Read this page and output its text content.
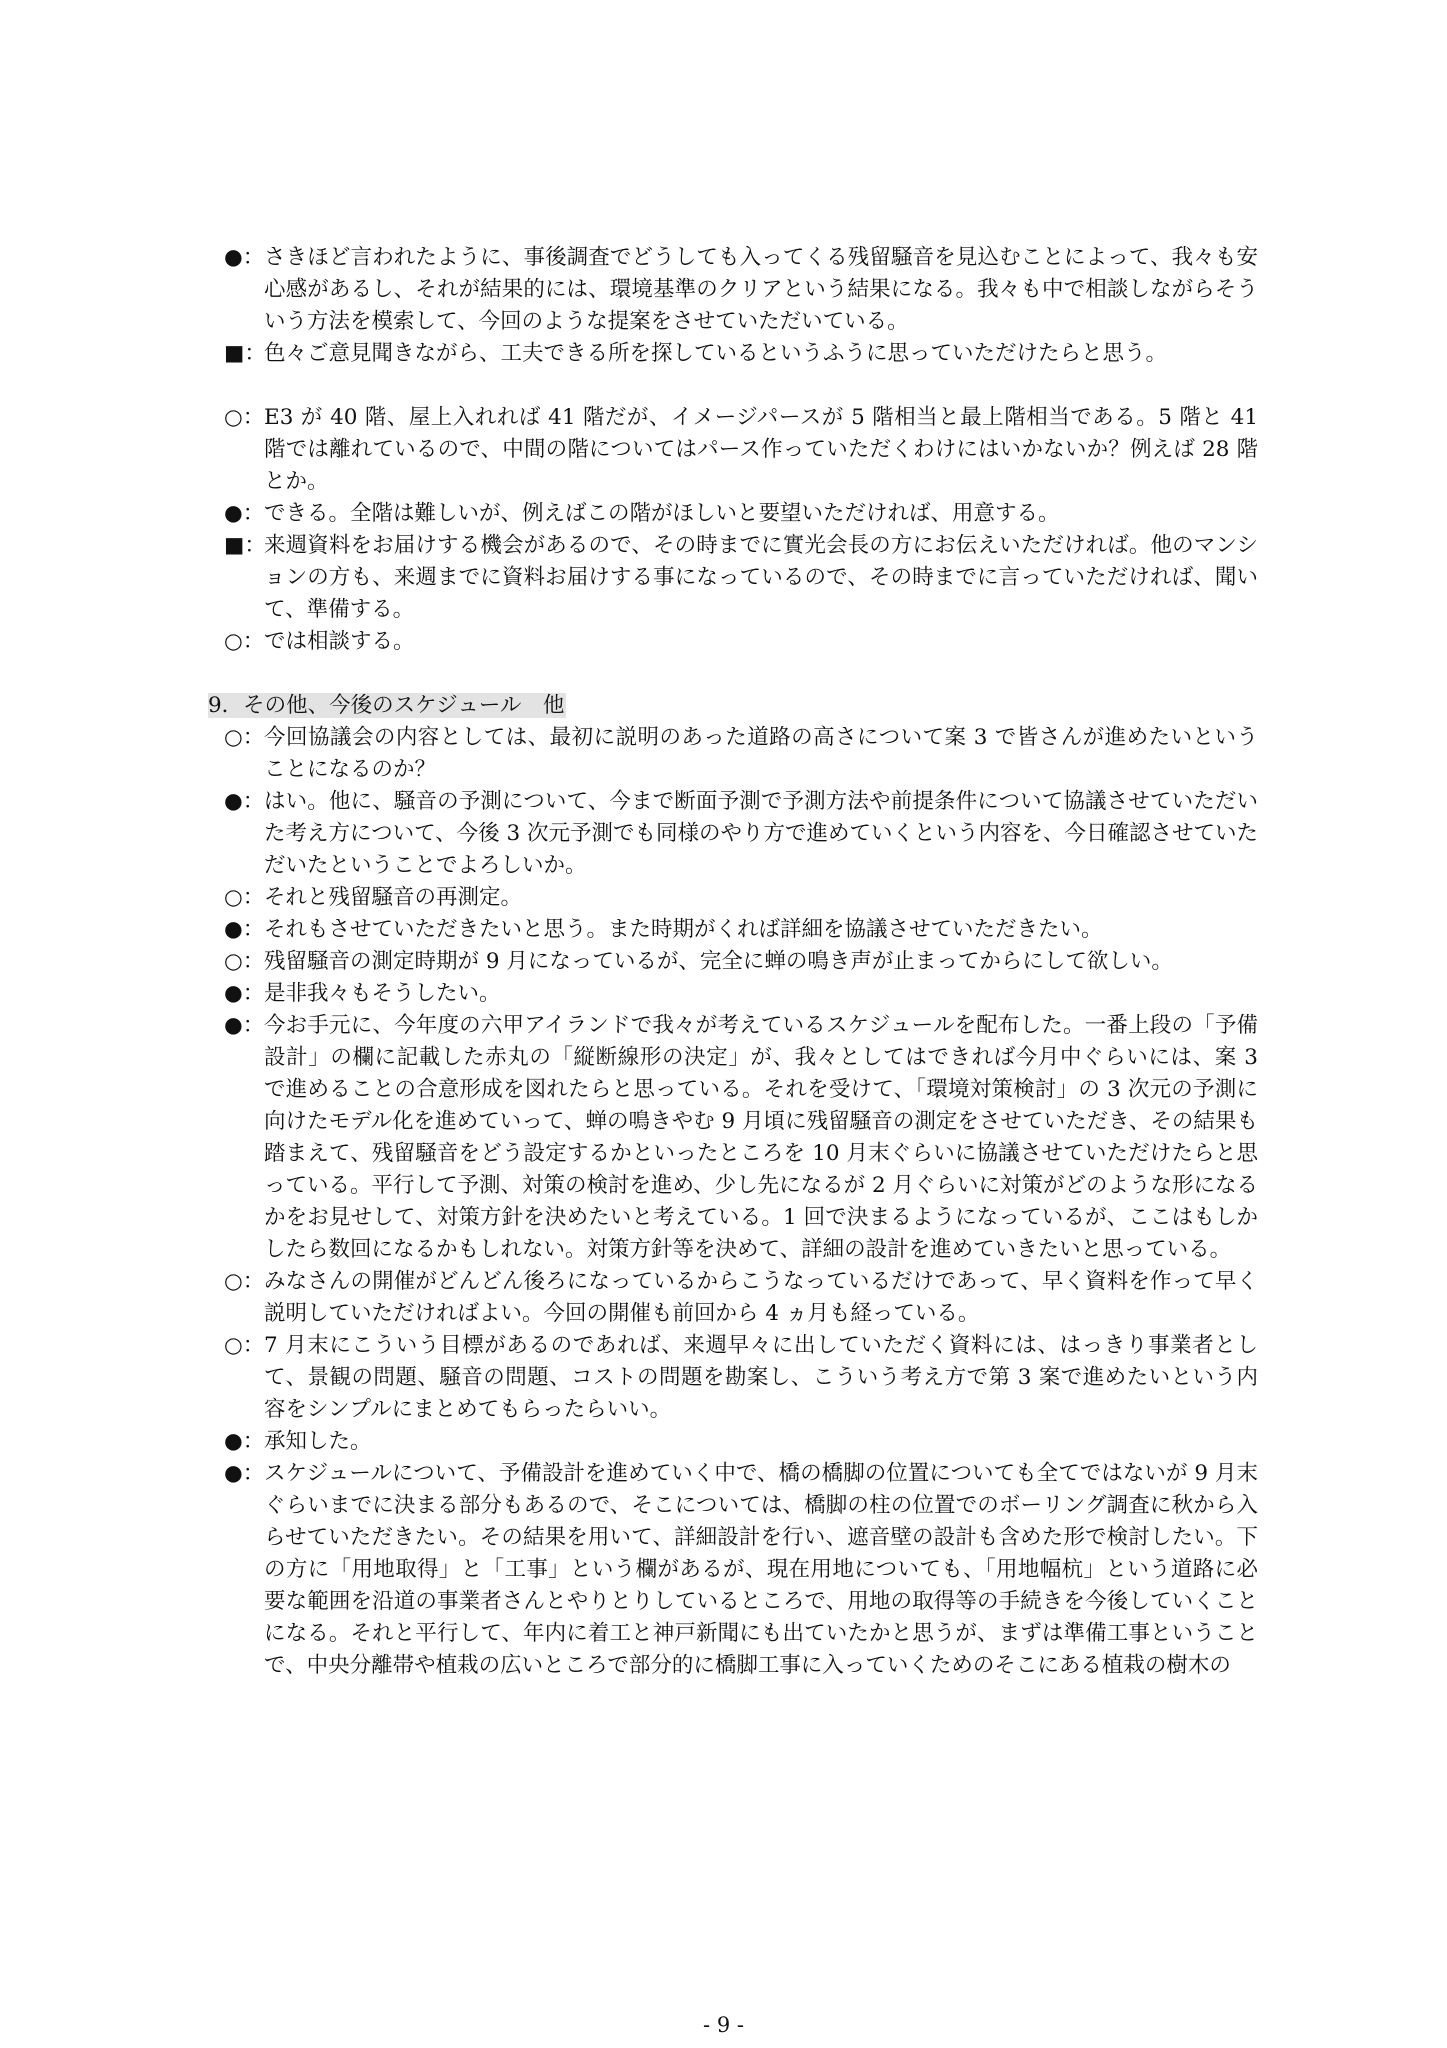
●： さきほど言われたように、事後調査でどうしても入ってくる残留騒音を見込むことによって、我々も安心感があるし、それが結果的には、環境基準のクリアという結果になる。我々も中で相談しながらそういう方法を模索して、今回のような提案をさせていただいている。
■：
色々ご意見聞きながら、工夫できる所を探しているというふうに思っていただけたらと思う。
○： E3 が 40 階、屋上入れれば 41 階だが、イメージパースが 5 階相当と最上階相当である。5 階と 41 階では離れているので、中間の階についてはパース作っていただくわけにはいかないか？例えば 28 階とか。
●： できる。全階は難しいが、例えばこの階がほしいと要望いただければ、用意する。
■：
来週資料をお届けする機会があるので、その時までに實光会長の方にお伝えいただければ。他のマンションの方も、来週までに資料お届けする事になっているので、その時までに言っていただければ、聞いて、準備する。
○： では相談する。
9．その他、今後のスケジュール　他
○： 今回協議会の内容としては、最初に説明のあった道路の高さについて案 3 で皆さんが進めたいということになるのか？
●： はい。他に、騒音の予測について、今まで断面予測で予測方法や前提条件について協議させていただいた考え方について、今後 3 次元予測でも同様のやり方で進めていくという内容を、今日確認させていただいたということでよろしいか。
○： それと残留騒音の再測定。
●： それもさせていただきたいと思う。また時期がくれば詳細を協議させていただきたい。
○： 残留騒音の測定時期が 9 月になっているが、完全に蝉の鳴き声が止まってからにして欲しい。
●： 是非我々もそうしたい。
●： 今お手元に、今年度の六甲アイランドで我々が考えているスケジュールを配布した。一番上段の「予備設計」の欄に記載した赤丸の「縦断線形の決定」が、我々としてはできれば今月中ぐらいには、案 3 で進めることの合意形成を図れたらと思っている。それを受けて、「環境対策検討」の 3 次元の予測に向けたモデル化を進めていって、蝉の鳴きやむ 9 月頃に残留騒音の測定をさせていただき、その結果も踏まえて、残留騒音をどう設定するかといったところを 10 月末ぐらいに協議させていただけたらと思っている。平行して予測、対策の検討を進め、少し先になるが 2 月ぐらいに対策がどのような形になるかをお見せして、対策方針を決めたいと考えている。1 回で決まるようになっているが、ここはもしかしたら数回になるかもしれない。対策方針等を決めて、詳細の設計を進めていきたいと思っている。
○： みなさんの開催がどんどん後ろになっているからこうなっているだけであって、早く資料を作って早く説明していただければよい。今回の開催も前回から 4 ヵ月も経っている。
○： 7 月末にこういう目標があるのであれば、来週早々に出していただく資料には、はっきり事業者として、景観の問題、騒音の問題、コストの問題を勘案し、こういう考え方で第 3 案で進めたいという内容をシンプルにまとめてもらったらいい。
●： 承知した。
●： スケジュールについて、予備設計を進めていく中で、橋の橋脚の位置についても全てではないが 9 月末ぐらいまでに決まる部分もあるので、そこについては、橋脚の柱の位置でのボーリング調査に秋から入らせていただきたい。その結果を用いて、詳細設計を行い、遮音壁の設計も含めた形で検討したい。下の方に「用地取得」と「工事」という欄があるが、現在用地についても、「用地幅杭」という道路に必要な範囲を沿道の事業者さんとやりとりしているところで、用地の取得等の手続きを今後していくことになる。それと平行して、年内に着工と神戸新聞にも出ていたかと思うが、まずは準備工事ということで、中央分離帯や植栽の広いところで部分的に橋脚工事に入っていくためのそこにある植栽の樹木の
- 9 -
